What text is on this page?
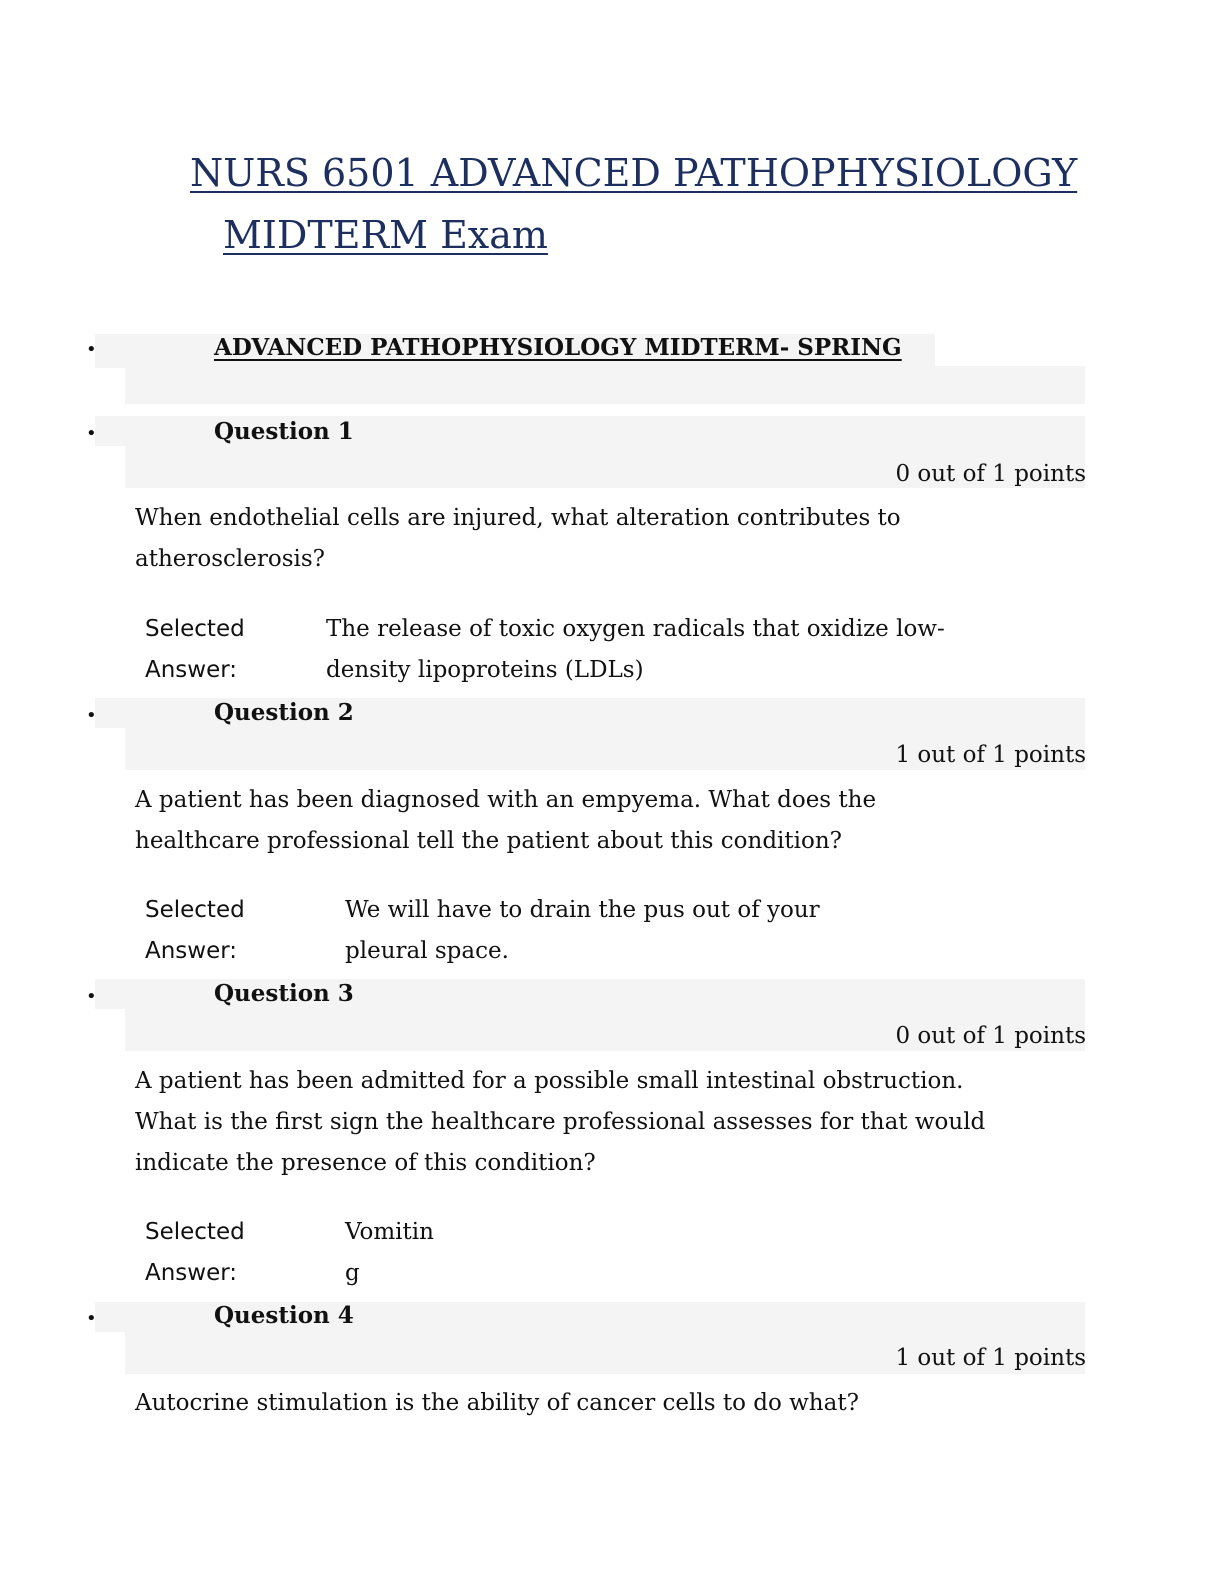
NURS 6501 ADVANCED PATHOPHYSIOLOGY
MIDTERM Exam
•	ADVANCED PATHOPHYSIOLOGY MIDTERM- SPRING
•	Question 1
0 out of 1 points

When endothelial cells are injured, what alteration contributes to

atherosclerosis?

Selected
Answer:
The release of toxic oxygen radicals that oxidize low-
density lipoproteins (LDLs)
•	Question 2
1 out of 1 points

A patient has been diagnosed with an empyema. What does the

healthcare professional tell the patient about this condition?

Selected
Answer:
We will have to drain the pus out of your
pleural space.
•	Question 3
0 out of 1 points

A patient has been admitted for a possible small intestinal obstruction.

What is the first sign the healthcare professional assesses for that would

indicate the presence of this condition?

Selected
Answer:
Vomitin
g
•	Question 4
1 out of 1 points

Autocrine stimulation is the ability of cancer cells to do what?
